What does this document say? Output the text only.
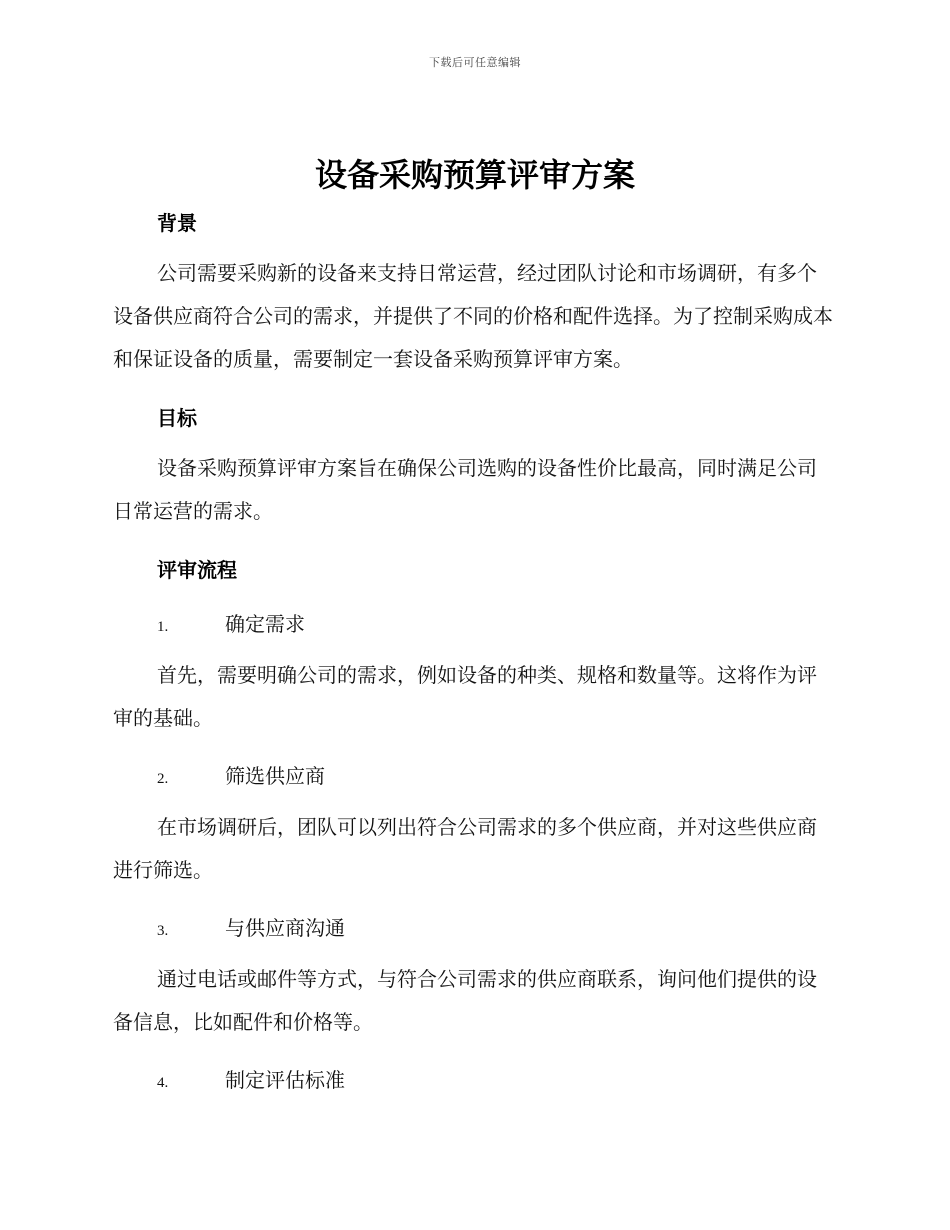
下载后可任意编辑
设备采购预算评审方案
背景

公司需要采购新的设备来支持日常运营，经过团队讨论和市场调研，有多个设备供应商符合公司的需求，并提供了不同的价格和配件选择。为了控制采购成本和保证设备的质量，需要制定一套设备采购预算评审方案。

目标

设备采购预算评审方案旨在确保公司选购的设备性价比最高，同时满足公司日常运营的需求。

评审流程
1.	确定需求

首先，需要明确公司的需求，例如设备的种类、规格和数量等。这将作为评审的基础。

2.	筛选供应商

在市场调研后，团队可以列出符合公司需求的多个供应商，并对这些供应商进行筛选。

3.	与供应商沟通

通过电话或邮件等方式，与符合公司需求的供应商联系，询问他们提供的设备信息，比如配件和价格等。

4.	制定评估标准
